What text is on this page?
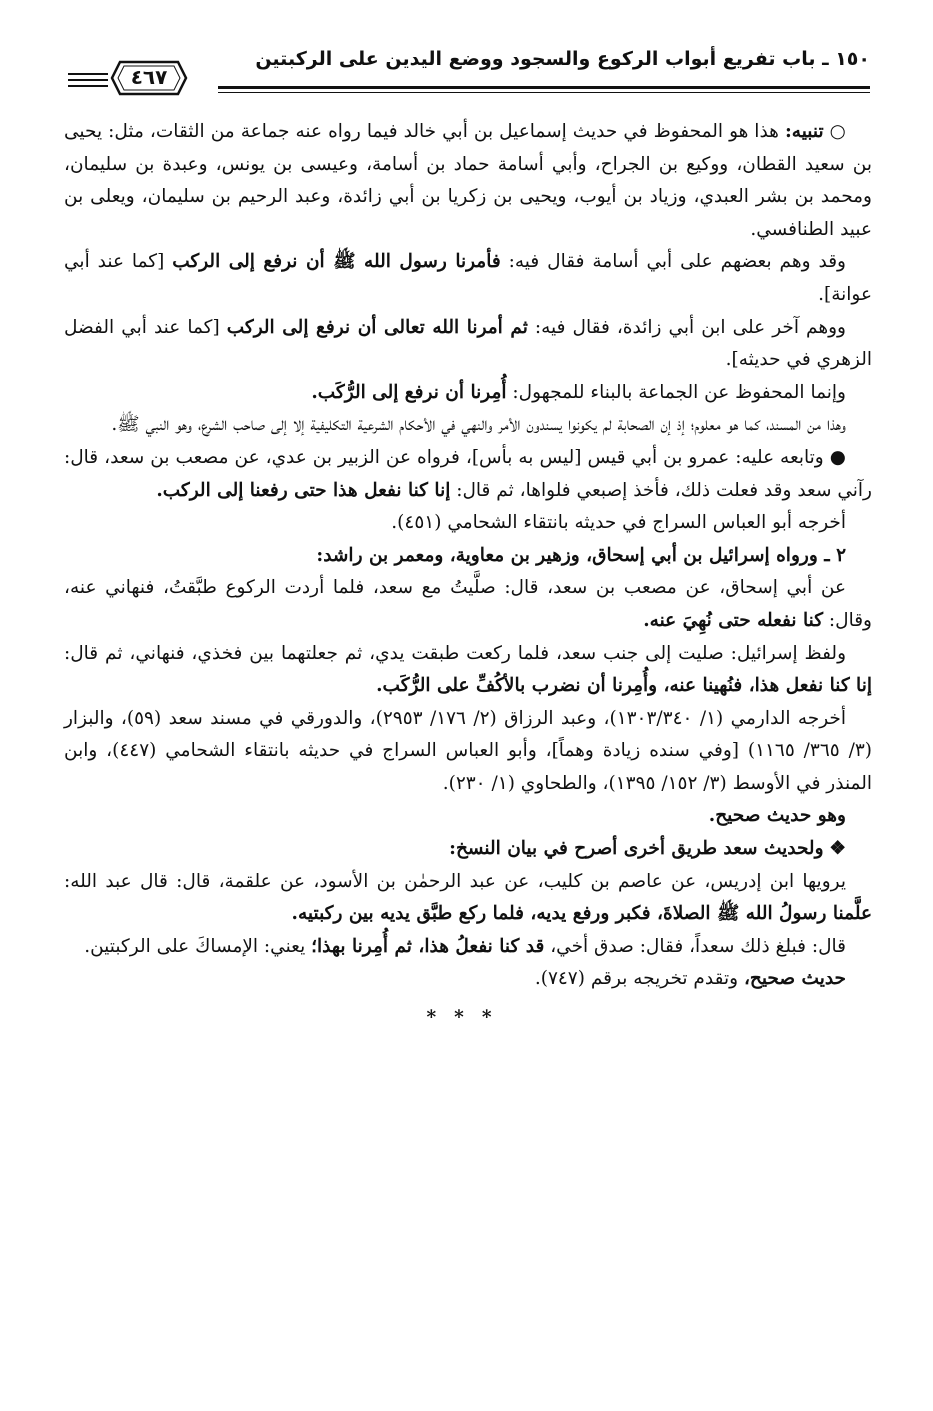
١٥٠ ـ باب تفريع أبواب الركوع والسجود ووضع اليدين على الركبتين
٤٦٧

○ تنبيه: هذا هو المحفوظ في حديث إسماعيل بن أبي خالد فيما رواه عنه جماعة من الثقات، مثل: يحيى بن سعيد القطان، ووكيع بن الجراح، وأبي أسامة حماد بن أسامة، وعيسى بن يونس، وعبدة بن سليمان، ومحمد بن بشر العبدي، وزياد بن أيوب، ويحيى بن زكريا بن أبي زائدة، وعبد الرحيم بن سليمان، ويعلى بن عبيد الطنافسي.

وقد وهم بعضهم على أبي أسامة فقال فيه: فأمرنا رسول الله ﷺ أن نرفع إلى الركب [كما عند أبي عوانة].

ووهم آخر على ابن أبي زائدة، فقال فيه: ثم أمرنا الله تعالى أن نرفع إلى الركب [كما عند أبي الفضل الزهري في حديثه].

وإنما المحفوظ عن الجماعة بالبناء للمجهول: أُمِرنا أن نرفع إلى الرُّكَب.

وهذا من المسند، كما هو معلوم؛ إذ إن الصحابة لم يكونوا يسندون الأمر والنهي في الأحكام الشرعية التكليفية إلا إلى صاحب الشرع، وهو النبي ﷺ.

● وتابعه عليه: عمرو بن أبي قيس [ليس به بأس]، فرواه عن الزبير بن عدي، عن مصعب بن سعد، قال: رآني سعد وقد فعلت ذلك، فأخذ إصبعي فلواها، ثم قال: إنا كنا نفعل هذا حتى رفعنا إلى الركب.

أخرجه أبو العباس السراج في حديثه بانتقاء الشحامي (٤٥١).

٢ ـ ورواه إسرائيل بن أبي إسحاق، وزهير بن معاوية، ومعمر بن راشد:

عن أبي إسحاق، عن مصعب بن سعد، قال: صلَّيتُ مع سعد، فلما أردت الركوع طبَّقتُ، فنهاني عنه، وقال: كنا نفعله حتى نُهِيَ عنه.

ولفظ إسرائيل: صليت إلى جنب سعد، فلما ركعت طبقت يدي، ثم جعلتهما بين فخذي، فنهاني، ثم قال: إنا كنا نفعل هذا، فنُهينا عنه، وأُمِرنا أن نضرب بالأكُفِّ على الرُّكَب.

أخرجه الدارمي (١/ ١٣٠٣/٣٤٠)، وعبد الرزاق (٢/ ١٧٦/ ٢٩٥٣)، والدورقي في مسند سعد (٥٩)، والبزار (٣/ ٣٦٥/ ١١٦٥) [وفي سنده زيادة وهماً]، وأبو العباس السراج في حديثه بانتقاء الشحامي (٤٤٧)، وابن المنذر في الأوسط (٣/ ١٥٢/ ١٣٩٥)، والطحاوي (١/ ٢٣٠).

وهو حديث صحيح.

❖ ولحديث سعد طريق أخرى أصرح في بيان النسخ:

يرويها ابن إدريس، عن عاصم بن كليب، عن عبد الرحمٰن بن الأسود، عن علقمة، قال: قال عبد الله: علَّمنا رسولُ الله ﷺ الصلاةَ، فكبر ورفع يديه، فلما ركع طبَّق يديه بين ركبتيه.

قال: فبلغ ذلك سعداً، فقال: صدق أخي، قد كنا نفعلُ هذا، ثم أُمِرنا بهذا؛ يعني: الإمساكَ على الركبتين.

حديث صحيح، وتقدم تخريجه برقم (٧٤٧).

***
